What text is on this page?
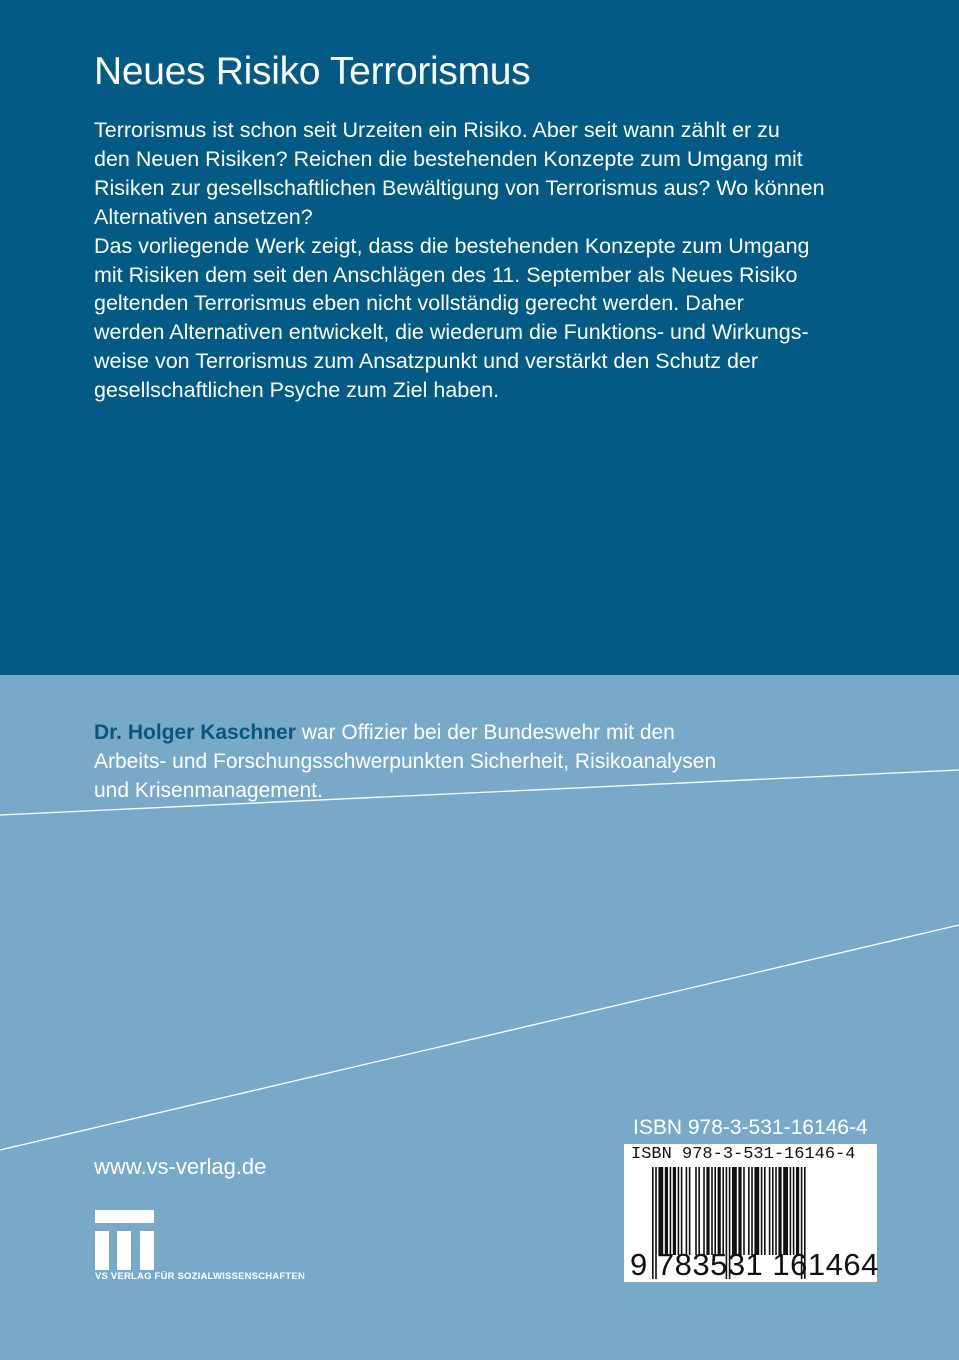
Neues Risiko Terrorismus

Terrorismus ist schon seit Urzeiten ein Risiko. Aber seit wann zählt er zu

den Neuen Risiken? Reichen die bestehenden Konzepte zum Umgang mit

Risiken zur gesellschaftlichen Bewältigung von Terrorismus aus? Wo können

Alternativen ansetzen?

Das vorliegende Werk zeigt, dass die bestehenden Konzepte zum Umgang

mit Risiken dem seit den Anschlägen des 11. September als Neues Risiko

geltenden Terrorismus eben nicht vollständig gerecht werden. Daher

werden Alternativen entwickelt, die wiederum die Funktions- und Wirkungs-

weise von Terrorismus zum Ansatzpunkt und verstärkt den Schutz der

gesellschaftlichen Psyche zum Ziel haben.

Dr. Holger Kaschner war Offizier bei der Bundeswehr mit den
Arbeits- und Forschungsschwerpunkten Sicherheit, Risikoanalysen
und Krisenmanagement.
www.vs-verlag.de
VS VERLAG FÜR SOZIALWISSENSCHAFTEN
ISBN 978-3-531-16146-4
ISBN 978-3-531-16146-4
9 783531 161464
